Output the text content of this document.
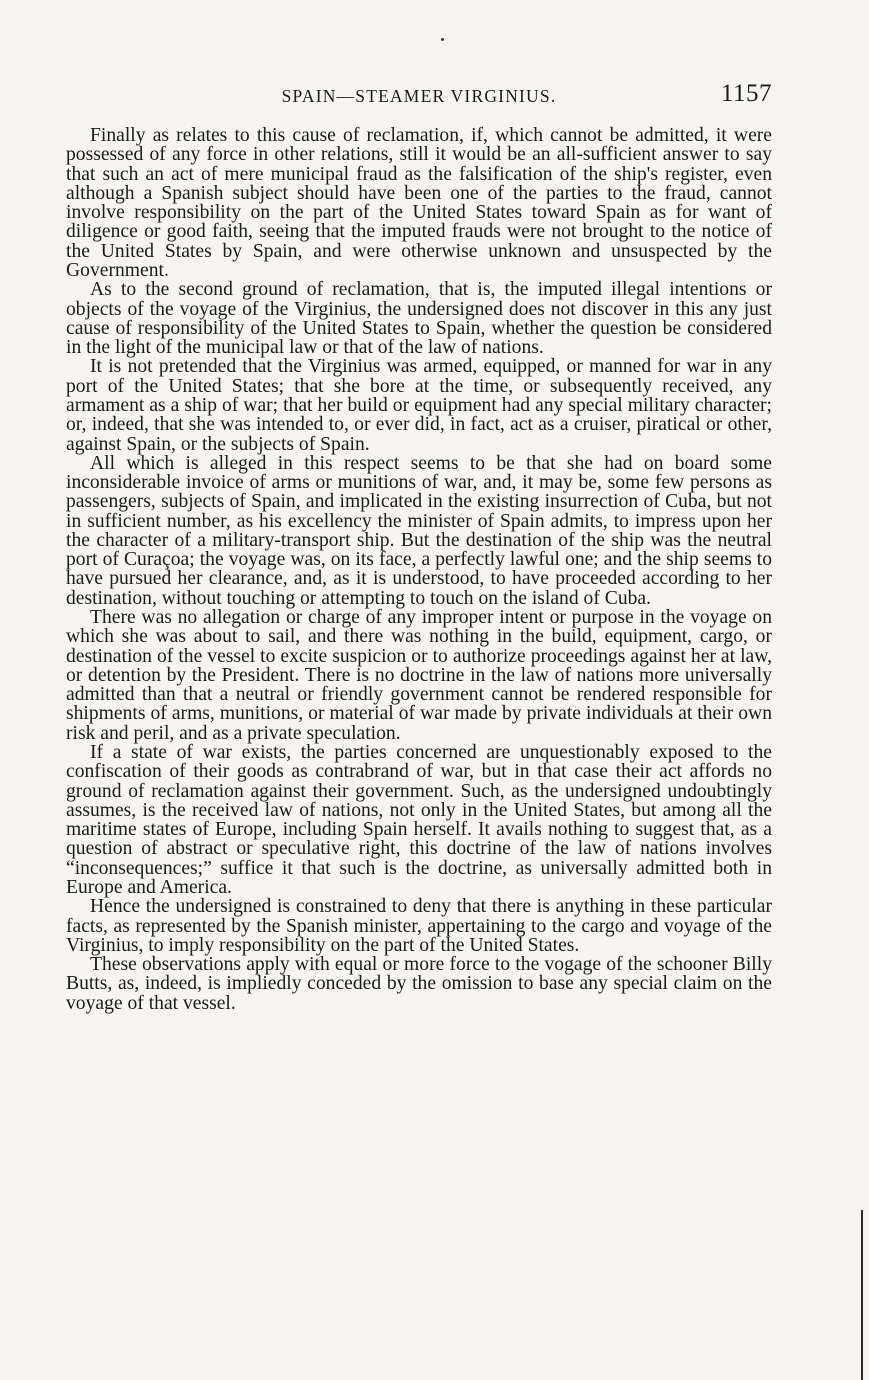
SPAIN—STEAMER VIRGINIUS.	1157

Finally as relates to this cause of reclamation, if, which cannot be admitted, it were possessed of any force in other relations, still it would be an all-sufficient answer to say that such an act of mere municipal fraud as the falsification of the ship's register, even although a Spanish subject should have been one of the parties to the fraud, cannot involve responsibility on the part of the United States toward Spain as for want of diligence or good faith, seeing that the imputed frauds were not brought to the notice of the United States by Spain, and were otherwise unknown and unsuspected by the Government.

As to the second ground of reclamation, that is, the imputed illegal intentions or objects of the voyage of the Virginius, the undersigned does not discover in this any just cause of responsibility of the United States to Spain, whether the question be considered in the light of the municipal law or that of the law of nations.

It is not pretended that the Virginius was armed, equipped, or manned for war in any port of the United States; that she bore at the time, or subsequently received, any armament as a ship of war; that her build or equipment had any special military character; or, indeed, that she was intended to, or ever did, in fact, act as a cruiser, piratical or other, against Spain, or the subjects of Spain.

All which is alleged in this respect seems to be that she had on board some inconsiderable invoice of arms or munitions of war, and, it may be, some few persons as passengers, subjects of Spain, and implicated in the existing insurrection of Cuba, but not in sufficient number, as his excellency the minister of Spain admits, to impress upon her the character of a military-transport ship. But the destination of the ship was the neutral port of Curaçoa; the voyage was, on its face, a perfectly lawful one; and the ship seems to have pursued her clearance, and, as it is understood, to have proceeded according to her destination, without touching or attempting to touch on the island of Cuba.

There was no allegation or charge of any improper intent or purpose in the voyage on which she was about to sail, and there was nothing in the build, equipment, cargo, or destination of the vessel to excite suspicion or to authorize proceedings against her at law, or detention by the President. There is no doctrine in the law of nations more universally admitted than that a neutral or friendly government cannot be rendered responsible for shipments of arms, munitions, or material of war made by private individuals at their own risk and peril, and as a private speculation.

If a state of war exists, the parties concerned are unquestionably exposed to the confiscation of their goods as contrabrand of war, but in that case their act affords no ground of reclamation against their government. Such, as the undersigned undoubtingly assumes, is the received law of nations, not only in the United States, but among all the maritime states of Europe, including Spain herself. It avails nothing to suggest that, as a question of abstract or speculative right, this doctrine of the law of nations involves “inconsequences;” suffice it that such is the doctrine, as universally admitted both in Europe and America.

Hence the undersigned is constrained to deny that there is anything in these particular facts, as represented by the Spanish minister, appertaining to the cargo and voyage of the Virginius, to imply responsibility on the part of the United States.

These observations apply with equal or more force to the vogage of the schooner Billy Butts, as, indeed, is impliedly conceded by the omission to base any special claim on the voyage of that vessel.
